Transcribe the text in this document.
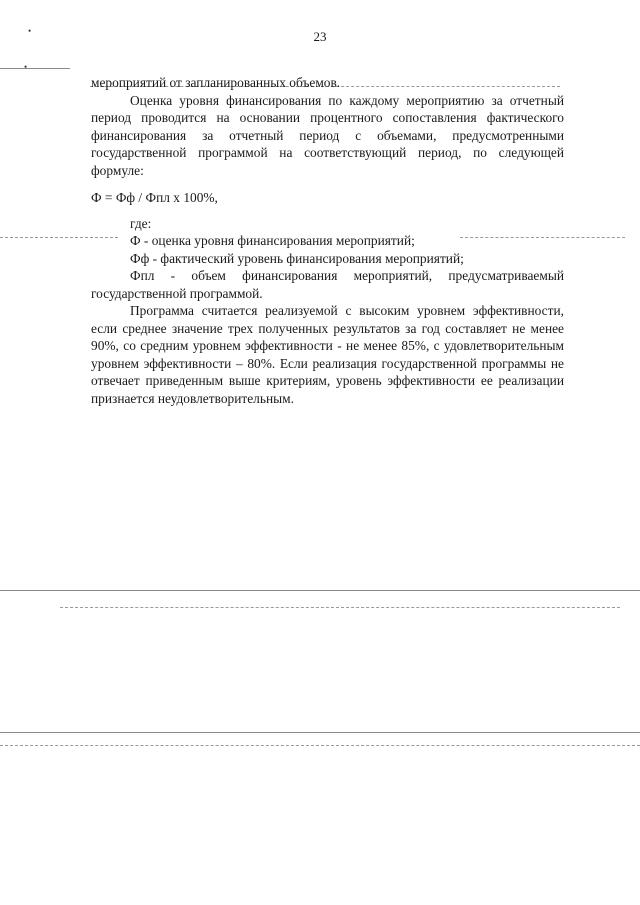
23
•
•

мероприятий от запланированных объемов.

Оценка уровня финансирования по каждому мероприятию за отчетный период проводится на основании процентного сопоставления фактического финансирования за отчетный период с объемами, предусмотренными государственной программой на соответствующий период, по следующей формуле:

Ф = Фф / Фпл х 100%,

где:

Ф - оценка уровня финансирования мероприятий;

Фф - фактический уровень финансирования мероприятий;

Фпл - объем финансирования мероприятий, предусматриваемый государственной программой.

Программа считается реализуемой с высоким уровнем эффективности, если среднее значение трех полученных результатов за год составляет не менее 90%, со средним уровнем эффективности - не менее 85%, с удовлетворительным уровнем эффективности – 80%. Если реализация государственной программы не отвечает приведенным выше критериям, уровень эффективности ее реализации признается неудовлетворительным.
